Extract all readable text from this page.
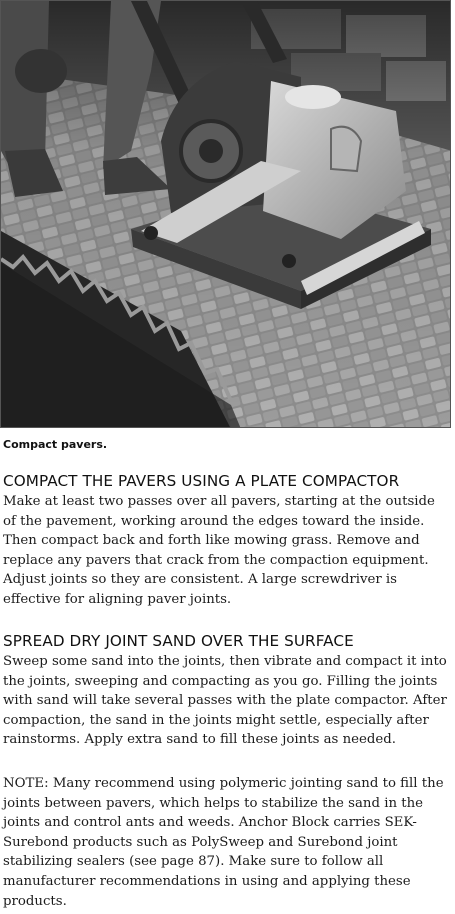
Compact pavers.
COMPACT THE PAVERS USING A PLATE COMPACTOR

Make at least two passes over all pavers, starting at the outside of the pavement, working around the edges toward the inside. Then compact back and forth like mowing grass. Remove and replace any pavers that crack from the compaction equipment. Adjust joints so they are consistent. A large screwdriver is effective for aligning paver joints.

SPREAD DRY JOINT SAND OVER THE SURFACE

Sweep some sand into the joints, then vibrate and compact it into the joints, sweeping and compacting as you go. Filling the joints with sand will take several passes with the plate compactor. After compaction, the sand in the joints might settle, especially after rainstorms. Apply extra sand to fill these joints as needed.

NOTE: Many recommend using polymeric jointing sand to fill the joints between pavers, which helps to stabilize the sand in the joints and control ants and weeds. Anchor Block carries SEK-Surebond products such as PolySweep and Surebond joint stabilizing sealers (see page 87). Make sure to follow all manufacturer recommendations in using and applying these products.
